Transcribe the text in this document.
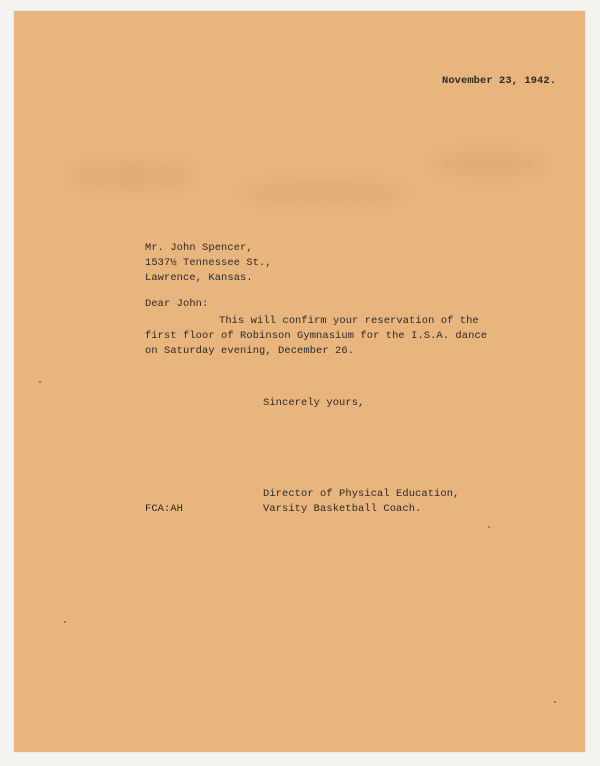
November 23, 1942.
Mr. John Spencer,
1537½ Tennessee St.,
Lawrence, Kansas.
Dear John:
This will confirm your reservation of the
first floor of Robinson Gymnasium for the I.S.A. dance
on Saturday evening, December 26.
Sincerely yours,
Director of Physical Education,
Varsity Basketball Coach.
FCA:AH
